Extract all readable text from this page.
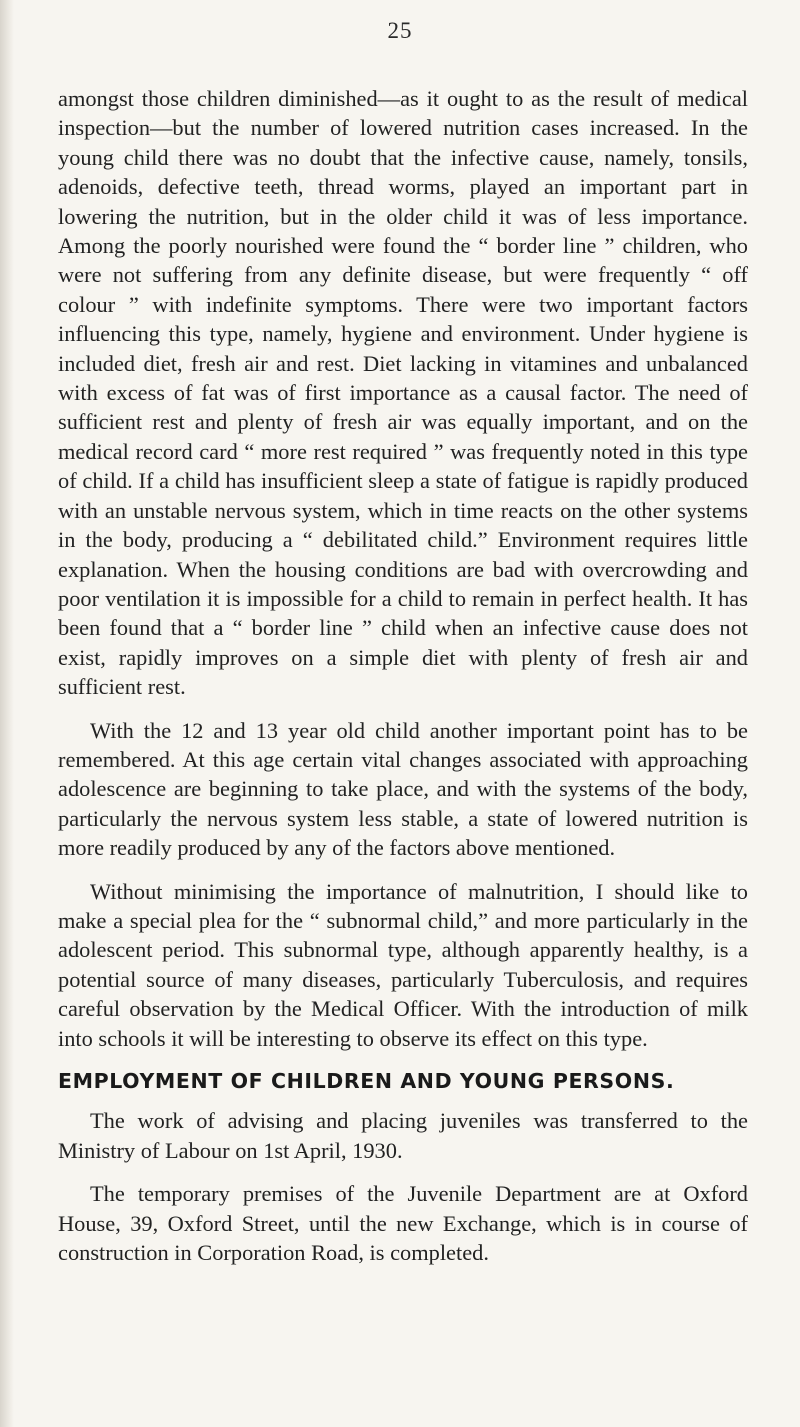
25

amongst those children diminished—as it ought to as the result of medical inspection—but the number of lowered nutrition cases increased. In the young child there was no doubt that the infective cause, namely, tonsils, adenoids, defective teeth, thread worms, played an important part in lowering the nutrition, but in the older child it was of less importance. Among the poorly nourished were found the “ border line ” children, who were not suffering from any definite disease, but were frequently “ off colour ” with indefinite symptoms. There were two important factors influencing this type, namely, hygiene and environment. Under hygiene is included diet, fresh air and rest. Diet lacking in vitamines and unbalanced with excess of fat was of first importance as a causal factor. The need of sufficient rest and plenty of fresh air was equally important, and on the medical record card “ more rest required ” was frequently noted in this type of child. If a child has insufficient sleep a state of fatigue is rapidly produced with an unstable nervous system, which in time reacts on the other systems in the body, producing a “ debilitated child.” Environment requires little explanation. When the housing conditions are bad with overcrowding and poor ventilation it is impossible for a child to remain in perfect health. It has been found that a “ border line ” child when an infective cause does not exist, rapidly improves on a simple diet with plenty of fresh air and sufficient rest.

With the 12 and 13 year old child another important point has to be remembered. At this age certain vital changes associated with approaching adolescence are beginning to take place, and with the systems of the body, particularly the nervous system less stable, a state of lowered nutrition is more readily produced by any of the factors above mentioned.

Without minimising the importance of malnutrition, I should like to make a special plea for the “ subnormal child,” and more particularly in the adolescent period. This subnormal type, although apparently healthy, is a potential source of many diseases, particularly Tuberculosis, and requires careful observation by the Medical Officer. With the introduction of milk into schools it will be interesting to observe its effect on this type.

EMPLOYMENT OF CHILDREN AND YOUNG PERSONS.

The work of advising and placing juveniles was transferred to the Ministry of Labour on 1st April, 1930.

The temporary premises of the Juvenile Department are at Oxford House, 39, Oxford Street, until the new Exchange, which is in course of construction in Corporation Road, is completed.
